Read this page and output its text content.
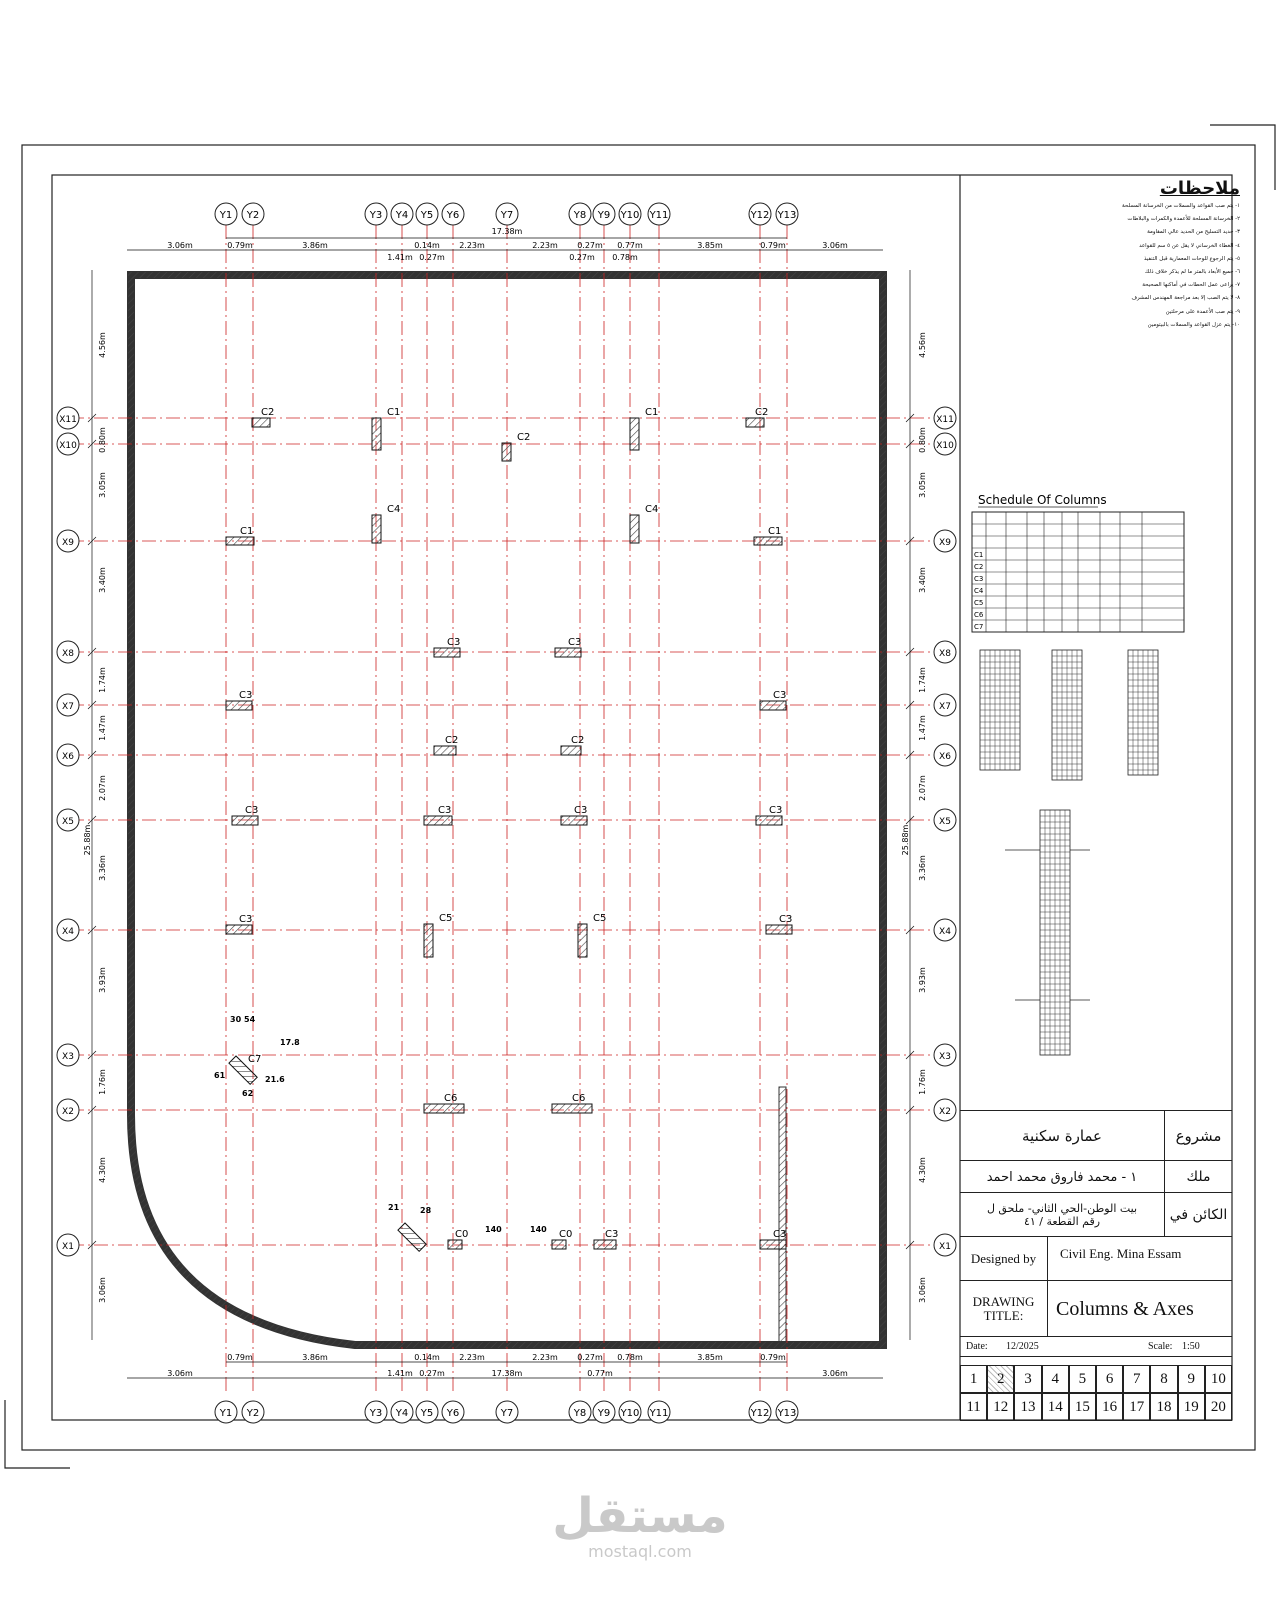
Y1
Y1
Y2
Y2
Y3
Y3
Y4
Y4
Y5
Y5
Y6
Y6
Y7
Y7
Y8
Y8
Y9
Y9
Y10
Y10
Y11
Y11
Y12
Y12
Y13
Y13
X11	X11
X10	X10
X9	X9
X8	X8
X7	X7
X6	X6
X5	X5
X4	X4
X3	X3
X2	X2
X1	X1
3.06m	0.79m	3.86m	0.14m 2.23m	2.23m 0.27m 0.77m	3.85m	0.79m	3.06m
1.41m 0.27m	0.27m 0.78m
17.38m
0.79m	3.86m	0.14m 2.23m	2.23m 0.27m 0.78m	3.85m	0.79m
3.06m	1.41m 0.27m	17.38m	0.77m	3.06m
4.56m
0.80m
3.05m
3.40m
1.74m
1.47m
2.07m
3.36m
3.93m
1.76m
4.30m
3.06m
25.88m
4.56m
0.80m
3.05m
3.40m
1.74m
1.47m
2.07m
3.36m
3.93m
1.76m
4.30m
3.06m
25.88m
C2	C1
C2
C1	C2
C1
C4	C4
C1
C3	C3
C3	C3
C2	C2
C3	C3	C3	C3
C3	C5	C5	C3
C6	C6
C0	C0	C3	C3
C7
140	140
21	28
17.8
21.6
54
30
61
62
Schedule Of Columns
C1
C2
C3
C4
C5
C6
C7
ملاحظات
١- يتم صب القواعد والسملات من الخرسانة المسلحة
٢- الخرسانة المسلحة للأعمدة والكمرات والبلاطات
٣- حديد التسليح من الحديد عالي المقاومة
٤- الغطاء الخرساني لا يقل عن ٥ سم للقواعد
٥- يتم الرجوع للوحات المعمارية قبل التنفيذ
٦- جميع الأبعاد بالمتر ما لم يذكر خلاف ذلك
٧- يراعى عمل الحطات في أماكنها الصحيحة
٨- لا يتم الصب إلا بعد مراجعة المهندس المشرف
٩- يتم صب الأعمدة على مرحلتين
١٠- يتم عزل القواعد والسملات بالبيتومين
عمارة سكنية	مشروع
١ - محمد فاروق محمد احمد	ملك
بيت الوطن-الحي الثاني- ملحق ل
رقم القطعة / ٤١	الكائن في
Designed by	Civil Eng. Mina Essam
DRAWING
TITLE: Columns & Axes
Date: 12/2025	Scale: 1:50
1	2	3	4	5	6	7	8	9	10
11 12 13 14 15 16 17 18 19 20
مستقل
mostaql.com
